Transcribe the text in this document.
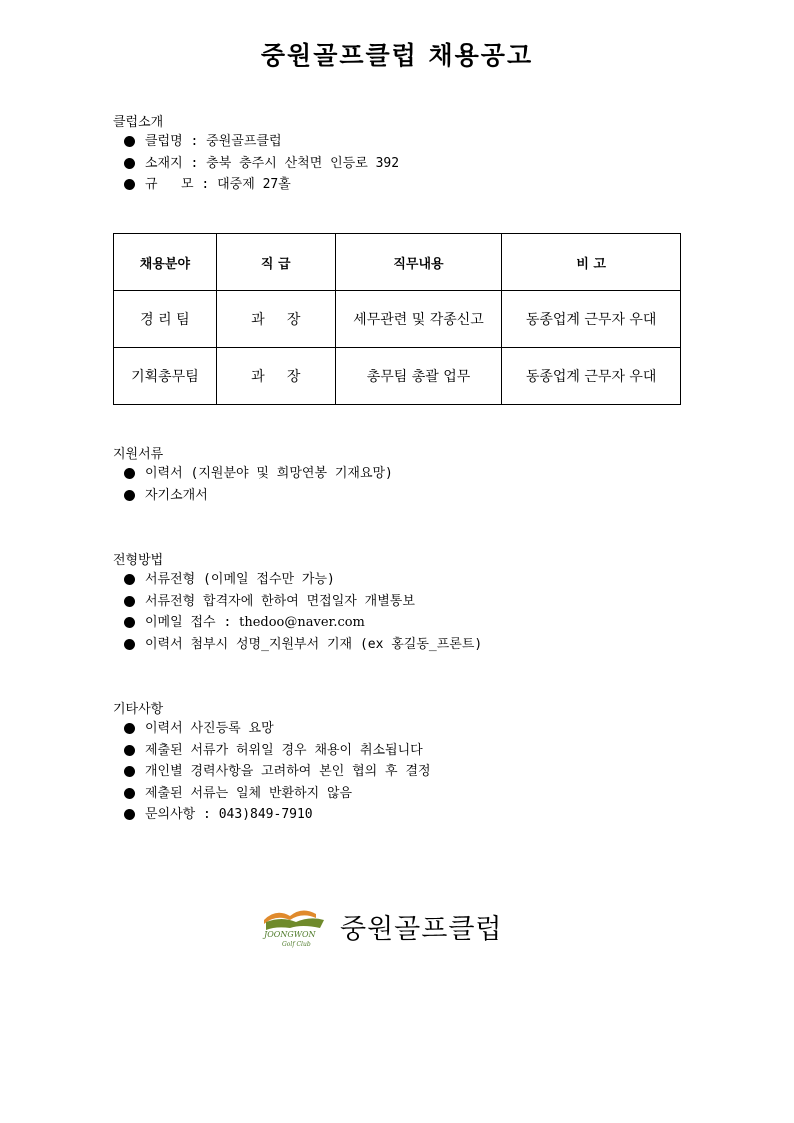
중원골프클럽 채용공고
클럽소개
클럽명 : 중원골프클럽
소재지 : 충북 충주시 산척면 인등로 392
규   모 : 대중제 27홀
채용분야	직 급	직무내용	비 고
경 리 팀	과     장	세무관련 및 각종신고	동종업계 근무자 우대
기획총무팀	과     장	총무팀 총괄 업무	동종업계 근무자 우대
지원서류
이력서 (지원분야 및 희망연봉 기재요망)
자기소개서
전형방법
서류전형 (이메일 접수만 가능)
서류전형 합격자에 한하여 면접일자 개별통보
이메일 접수 : thedoo@naver.com
이력서 첨부시 성명_지원부서 기재 (ex 홍길동_프론트)
기타사항
이력서 사진등록 요망
제출된 서류가 허위일 경우 채용이 취소됩니다
개인별 경력사항을 고려하여 본인 협의 후 결정
제출된 서류는 일체 반환하지 않음
문의사항 : 043)849-7910
JOONGWON
Golf Club 중원골프클럽
